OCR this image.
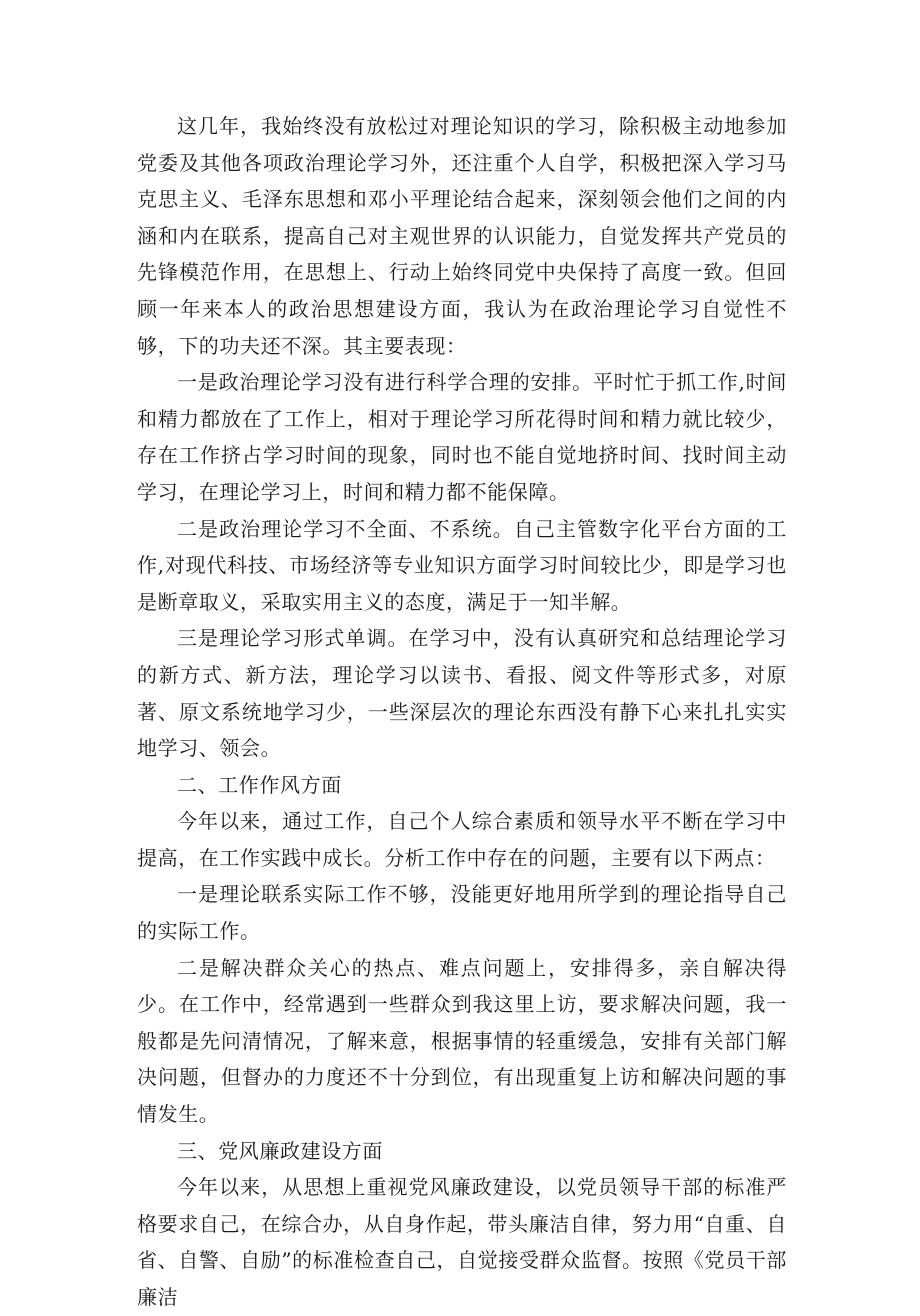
这几年，我始终没有放松过对理论知识的学习，除积极主动地参加党委及其他各项政治理论学习外，还注重个人自学，积极把深入学习马克思主义、毛泽东思想和邓小平理论结合起来，深刻领会他们之间的内涵和内在联系，提高自己对主观世界的认识能力，自觉发挥共产党员的先锋模范作用，在思想上、行动上始终同党中央保持了高度一致。但回顾一年来本人的政治思想建设方面，我认为在政治理论学习自觉性不够，下的功夫还不深。其主要表现：

一是政治理论学习没有进行科学合理的安排。平时忙于抓工作,时间和精力都放在了工作上，相对于理论学习所花得时间和精力就比较少，存在工作挤占学习时间的现象，同时也不能自觉地挤时间、找时间主动学习，在理论学习上，时间和精力都不能保障。

二是政治理论学习不全面、不系统。自己主管数字化平台方面的工作,对现代科技、市场经济等专业知识方面学习时间较比少，即是学习也是断章取义，采取实用主义的态度，满足于一知半解。

三是理论学习形式单调。在学习中，没有认真研究和总结理论学习的新方式、新方法，理论学习以读书、看报、阅文件等形式多，对原著、原文系统地学习少，一些深层次的理论东西没有静下心来扎扎实实地学习、领会。

二、工作作风方面

今年以来，通过工作，自己个人综合素质和领导水平不断在学习中提高，在工作实践中成长。分析工作中存在的问题，主要有以下两点：

一是理论联系实际工作不够，没能更好地用所学到的理论指导自己的实际工作。

二是解决群众关心的热点、难点问题上，安排得多，亲自解决得少。在工作中，经常遇到一些群众到我这里上访，要求解决问题，我一般都是先问清情况，了解来意，根据事情的轻重缓急，安排有关部门解决问题，但督办的力度还不十分到位，有出现重复上访和解决问题的事情发生。

三、党风廉政建设方面

今年以来，从思想上重视党风廉政建设，以党员领导干部的标准严格要求自己，在综合办，从自身作起，带头廉洁自律，努力用“自重、自省、自警、自励”的标准检查自己，自觉接受群众监督。按照《党员干部廉洁
